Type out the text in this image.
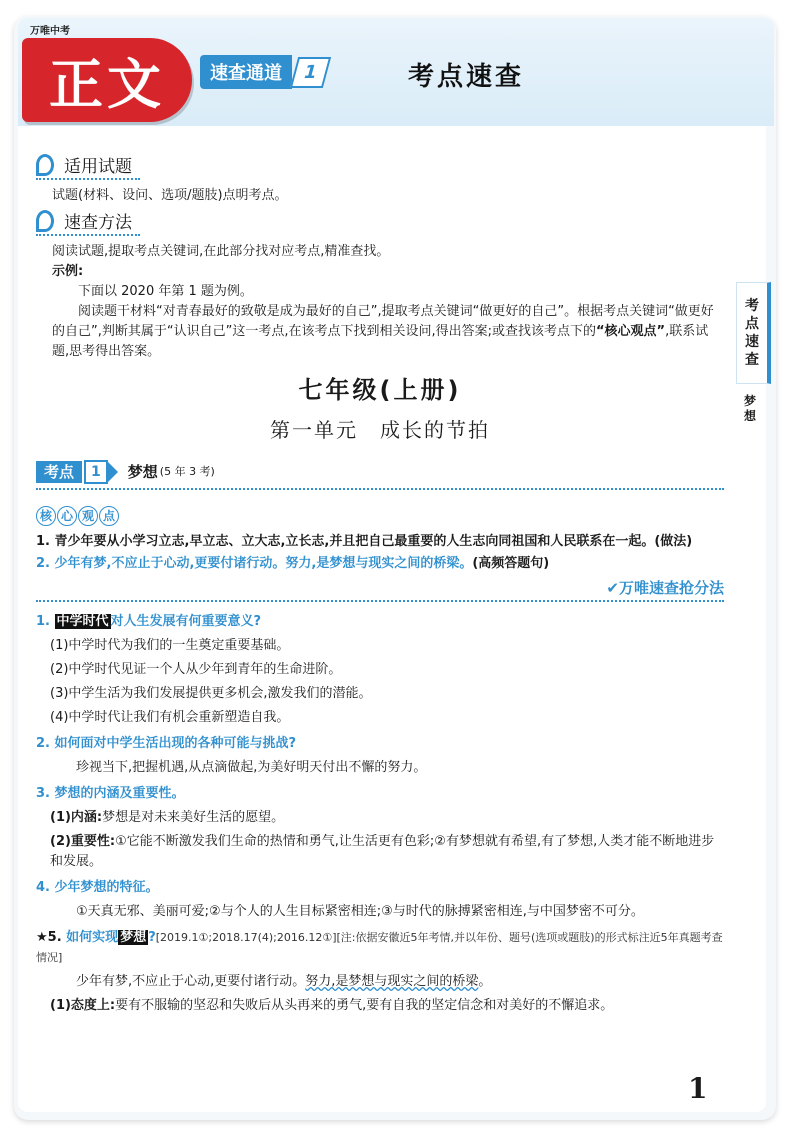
万唯中考
正文	速查通道	1	考点速查
考点速查
梦想
适用试题

试题(材料、设问、选项/题肢)点明考点。

速查方法

阅读试题,提取考点关键词,在此部分找对应考点,精准查找。

示例:

下面以 2020 年第 1 题为例。

阅读题干材料“对青春最好的致敬是成为最好的自己”,提取考点关键词“做更好的自己”。根据考点关键词“做更好的自己”,判断其属于“认识自己”这一考点,在该考点下找到相关设问,得出答案;或查找该考点下的“核心观点”,联系试题,思考得出答案。

七年级(上册)
第一单元　成长的节拍
考点	1	梦想 (5 年 3 考)
核 心 观 点

1. 青少年要从小学习立志,早立志、立大志,立长志,并且把自己最重要的人生志向同祖国和人民联系在一起。(做法)

2. 少年有梦,不应止于心动,更要付诸行动。努力,是梦想与现实之间的桥梁。(高频答题句)

✔万唯速查抢分法

1. 中学时代 对人生发展有何重要意义?

(1)中学时代为我们的一生奠定重要基础。

(2)中学时代见证一个人从少年到青年的生命进阶。

(3)中学生活为我们发展提供更多机会,激发我们的潜能。

(4)中学时代让我们有机会重新塑造自我。

2. 如何面对中学生活出现的各种可能与挑战?

珍视当下,把握机遇,从点滴做起,为美好明天付出不懈的努力。

3. 梦想的内涵及重要性。

(1)内涵:梦想是对未来美好生活的愿望。

(2)重要性:①它能不断激发我们生命的热情和勇气,让生活更有色彩;②有梦想就有希望,有了梦想,人类才能不断地进步和发展。

4. 少年梦想的特征。

①天真无邪、美丽可爱;②与个人的人生目标紧密相连;③与时代的脉搏紧密相连,与中国梦密不可分。

★5. 如何实现 梦想 ?[2019.1①;2018.17(4);2016.12①][注:依据安徽近5年考情,并以年份、题号(选项或题肢)的形式标注近5年真题考查情况]

少年有梦,不应止于心动,更要付诸行动。努力,是梦想与现实之间的桥梁。

(1)态度上:要有不服输的坚忍和失败后从头再来的勇气,要有自我的坚定信念和对美好的不懈追求。

1
